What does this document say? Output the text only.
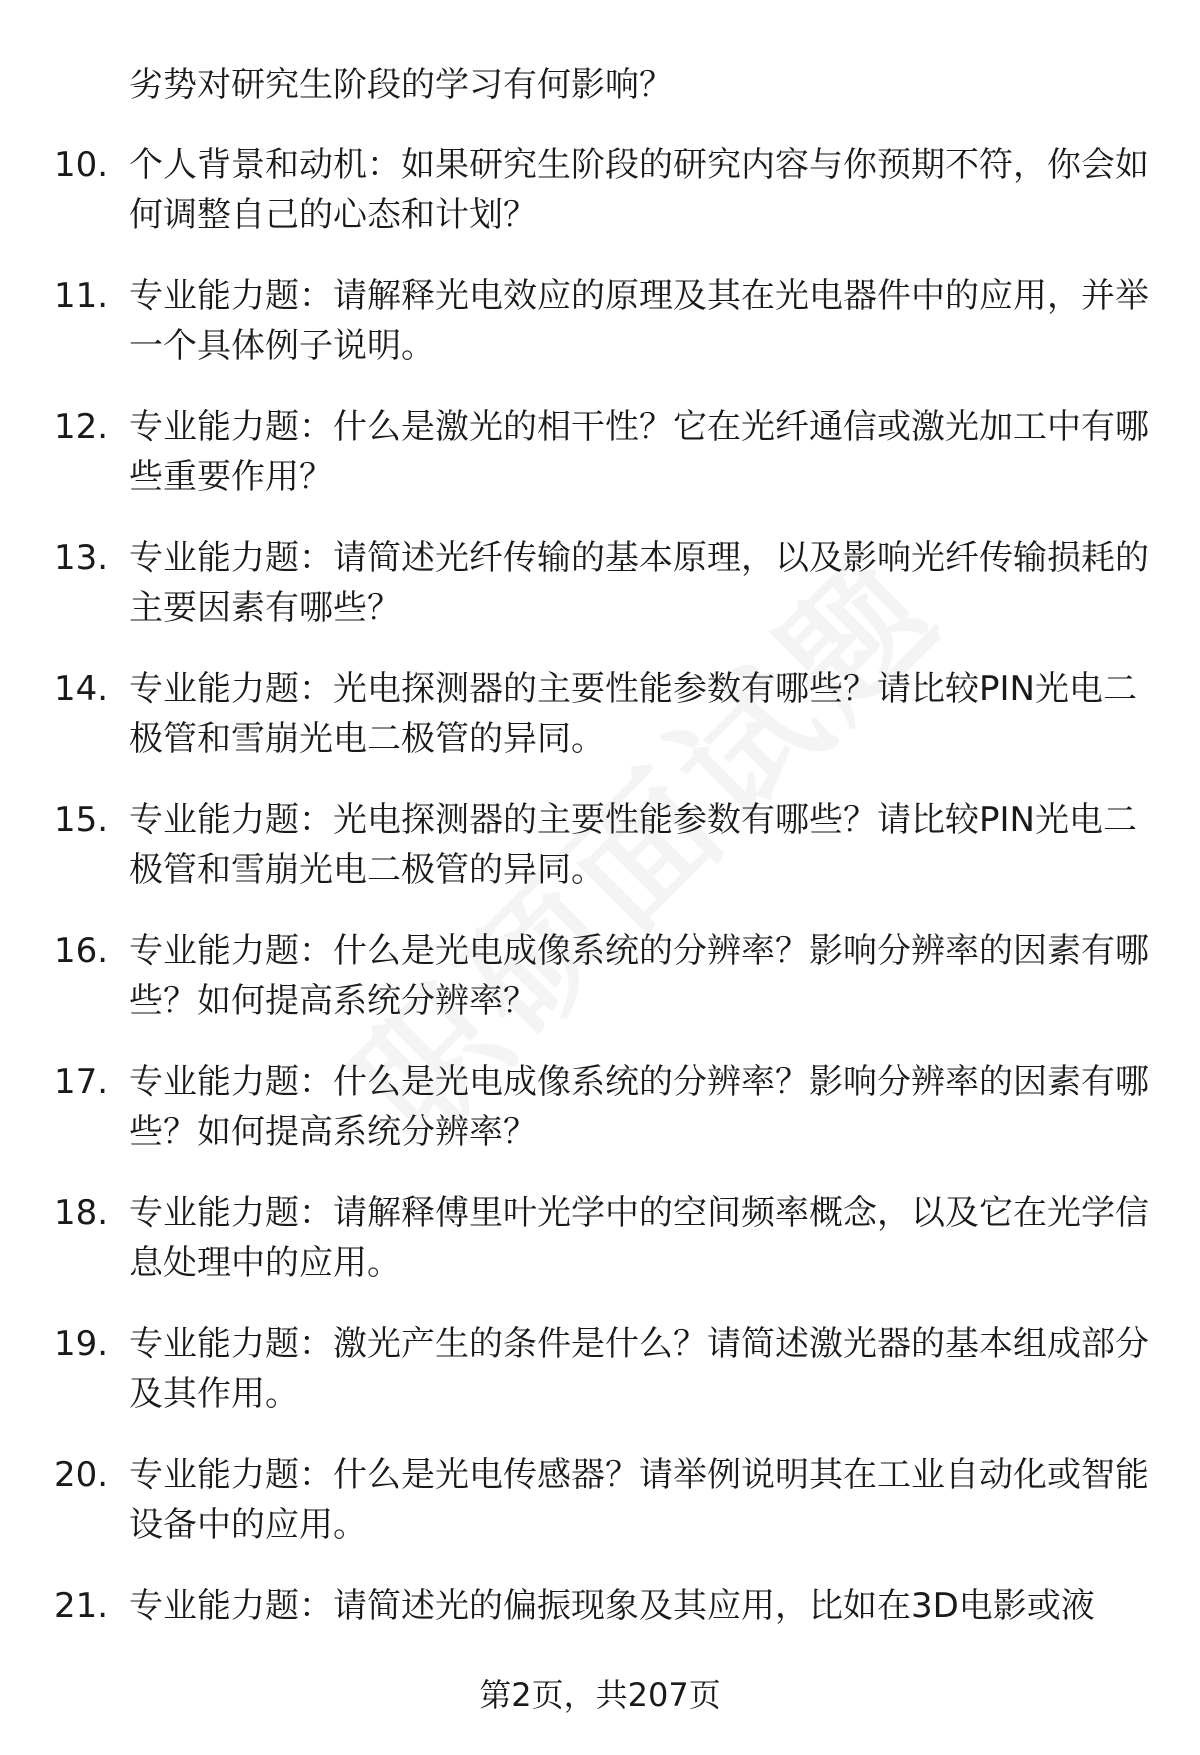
劣势对研究生阶段的学习有何影响？

10. 个人背景和动机：如果研究生阶段的研究内容与你预期不符，你会如何调整自己的心态和计划？
11. 专业能力题：请解释光电效应的原理及其在光电器件中的应用，并举一个具体例子说明。
12. 专业能力题：什么是激光的相干性？它在光纤通信或激光加工中有哪些重要作用？
13. 专业能力题：请简述光纤传输的基本原理，以及影响光纤传输损耗的主要因素有哪些？
14. 专业能力题：光电探测器的主要性能参数有哪些？请比较PIN光电二极管和雪崩光电二极管的异同。
15. 专业能力题：光电探测器的主要性能参数有哪些？请比较PIN光电二极管和雪崩光电二极管的异同。
16. 专业能力题：什么是光电成像系统的分辨率？影响分辨率的因素有哪些？如何提高系统分辨率？
17. 专业能力题：什么是光电成像系统的分辨率？影响分辨率的因素有哪些？如何提高系统分辨率？
18. 专业能力题：请解释傅里叶光学中的空间频率概念，以及它在光学信息处理中的应用。
19. 专业能力题：激光产生的条件是什么？请简述激光器的基本组成部分及其作用。
20. 专业能力题：什么是光电传感器？请举例说明其在工业自动化或智能设备中的应用。
21. 专业能力题：请简述光的偏振现象及其应用，比如在3D电影或液
第2页，共207页
